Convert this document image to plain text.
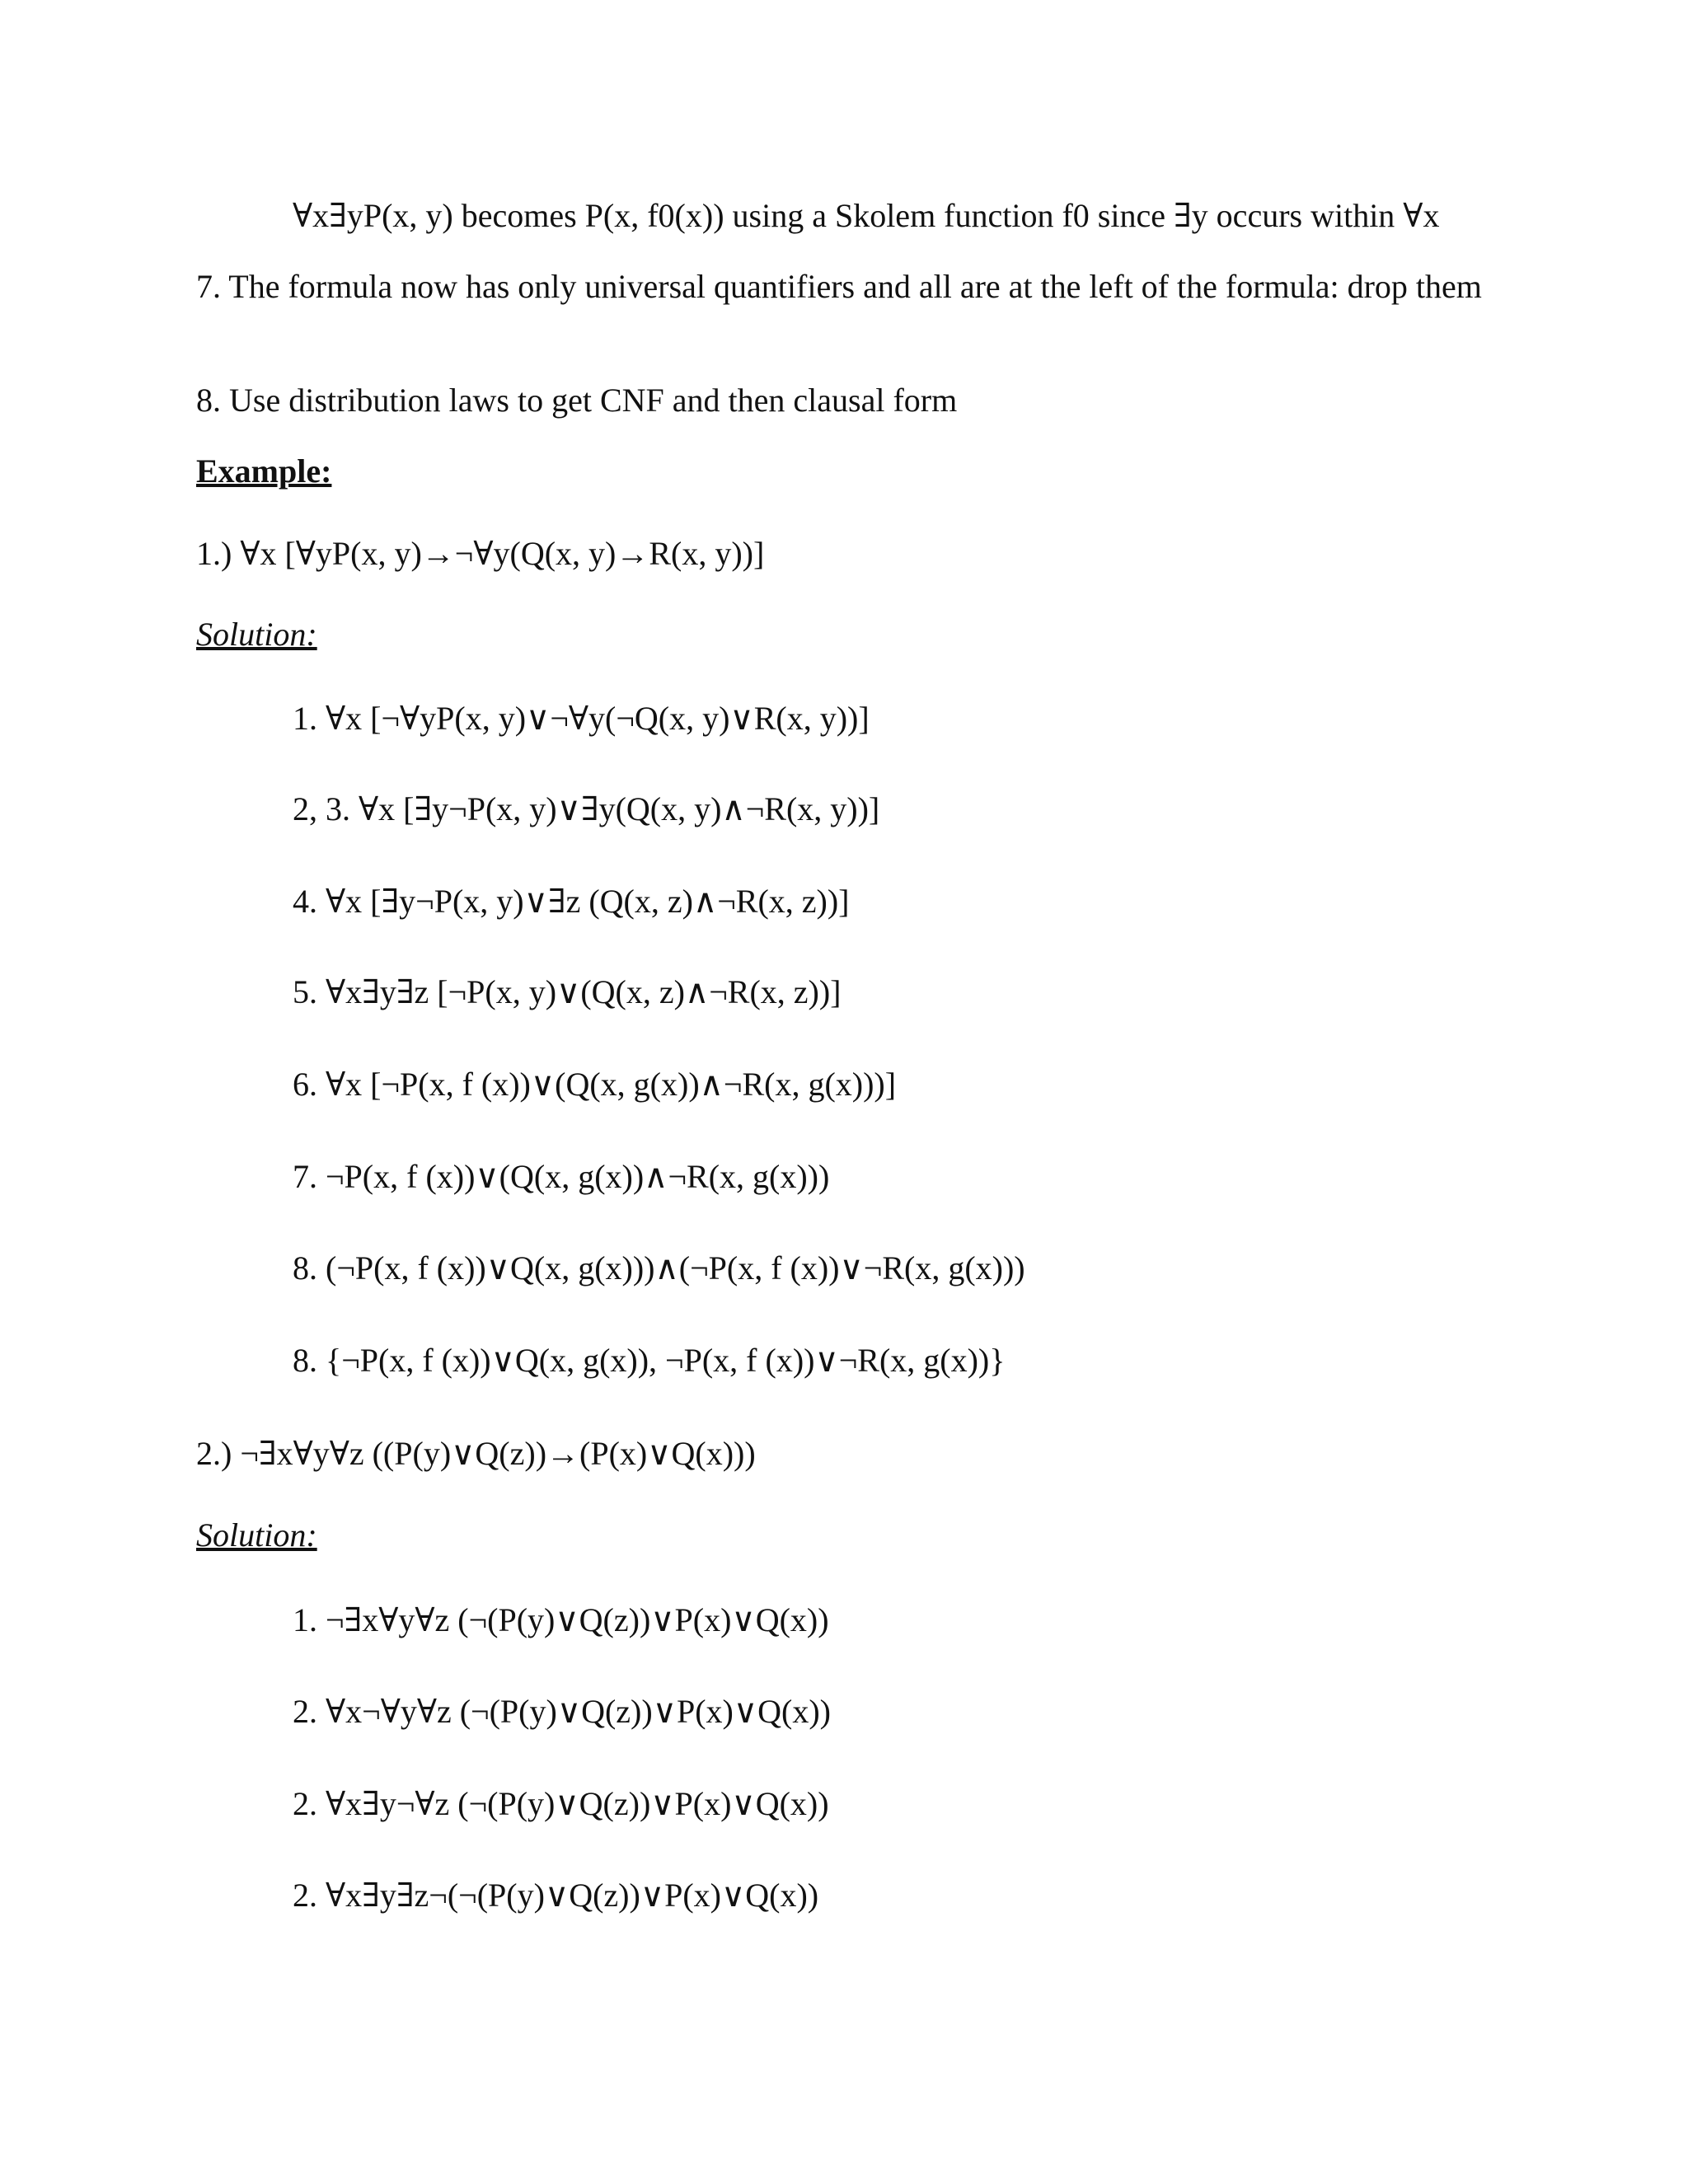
∀x∃yP(x, y) becomes P(x, f0(x)) using a Skolem function f0 since ∃y occurs within ∀x
7. The formula now has only universal quantifiers and all are at the left of the formula: drop them
8. Use distribution laws to get CNF and then clausal form
Example:
1.) ∀x [∀yP(x, y)→¬∀y(Q(x, y)→R(x, y))]
Solution:
1. ∀x [¬∀yP(x, y)∨¬∀y(¬Q(x, y)∨R(x, y))]
2, 3. ∀x [∃y¬P(x, y)∨∃y(Q(x, y)∧¬R(x, y))]
4. ∀x [∃y¬P(x, y)∨∃z (Q(x, z)∧¬R(x, z))]
5. ∀x∃y∃z [¬P(x, y)∨(Q(x, z)∧¬R(x, z))]
6. ∀x [¬P(x, f (x))∨(Q(x, g(x))∧¬R(x, g(x)))]
7. ¬P(x, f (x))∨(Q(x, g(x))∧¬R(x, g(x)))
8. (¬P(x, f (x))∨Q(x, g(x)))∧(¬P(x, f (x))∨¬R(x, g(x)))
8. {¬P(x, f (x))∨Q(x, g(x)), ¬P(x, f (x))∨¬R(x, g(x))}
2.) ¬∃x∀y∀z ((P(y)∨Q(z))→(P(x)∨Q(x)))
Solution:
1. ¬∃x∀y∀z (¬(P(y)∨Q(z))∨P(x)∨Q(x))
2. ∀x¬∀y∀z (¬(P(y)∨Q(z))∨P(x)∨Q(x))
2. ∀x∃y¬∀z (¬(P(y)∨Q(z))∨P(x)∨Q(x))
2. ∀x∃y∃z¬(¬(P(y)∨Q(z))∨P(x)∨Q(x))
